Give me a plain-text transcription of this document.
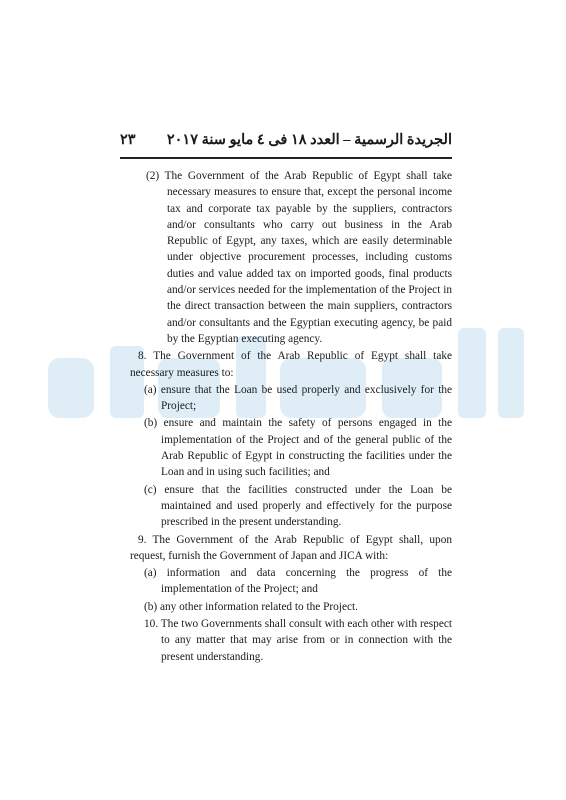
الجريدة الرسمية – العدد ١٨ فى ٤ مايو سنة ٢٠١٧
٢٣

(2) The Government of the Arab Republic of Egypt shall take necessary measures to ensure that, except the personal income tax and corporate tax payable by the suppliers, contractors and/or consultants who carry out business in the Arab Republic of Egypt, any taxes, which are easily determinable under objective procurement processes, including customs duties and value added tax on imported goods, final products and/or services needed for the implementation of the Project in the direct transaction between the main suppliers, contractors and/or consultants and the Egyptian executing agency, be paid by the Egyptian executing agency.

8. The Government of the Arab Republic of Egypt shall take necessary measures to:

(a) ensure that the Loan be used properly and exclusively for the Project;

(b) ensure and maintain the safety of persons engaged in the implementation of the Project and of the general public of the Arab Republic of Egypt in constructing the facilities under the Loan and in using such facilities; and

(c) ensure that the facilities constructed under the Loan be maintained and used properly and effectively for the purpose prescribed in the present understanding.

9. The Government of the Arab Republic of Egypt shall, upon request, furnish the Government of Japan and JICA with:

(a) information and data concerning the progress of the implementation of the Project; and

(b) any other information related to the Project.

10. The two Governments shall consult with each other with respect to any matter that may arise from or in connection with the present understanding.
